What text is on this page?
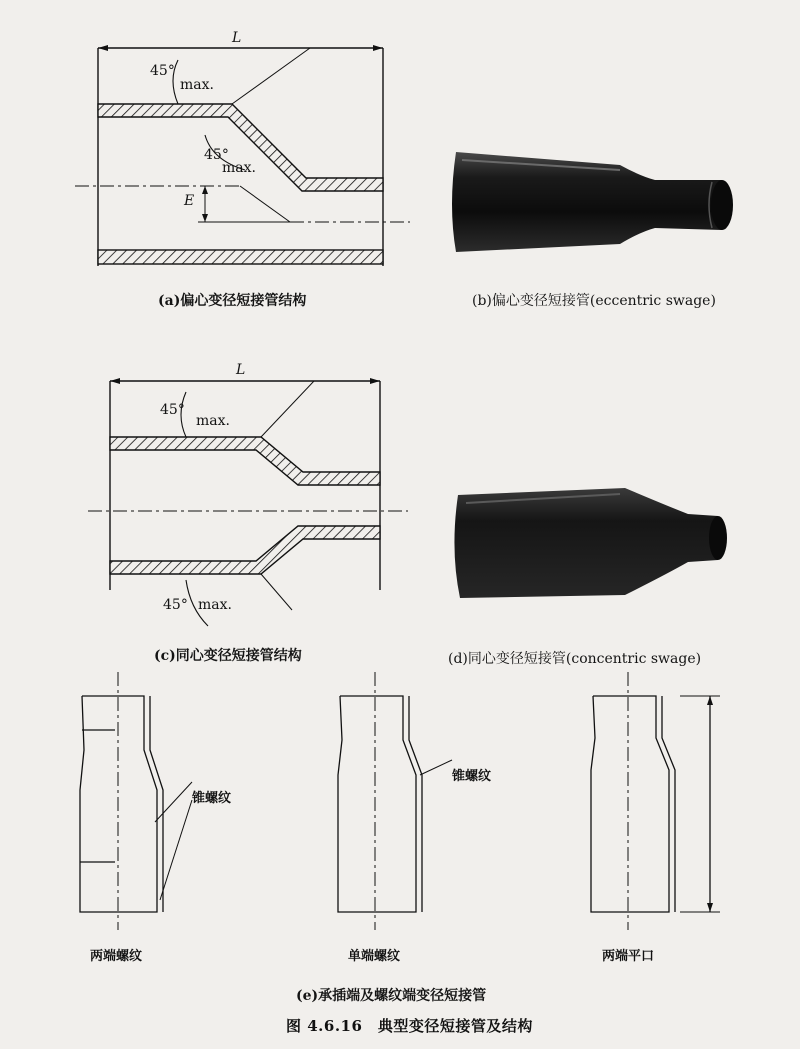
L
45°
max.
45°
max.
E
L
45°
max.
45° max.
(a)偏心变径短接管结构	(b)偏心变径短接管(eccentric swage)
(c)同心变径短接管结构	(d)同心变径短接管(concentric swage)
锥螺纹
锥螺纹
两端螺纹	单端螺纹	两端平口
(e)承插端及螺纹端变径短接管
图 4.6.16　典型变径短接管及结构
